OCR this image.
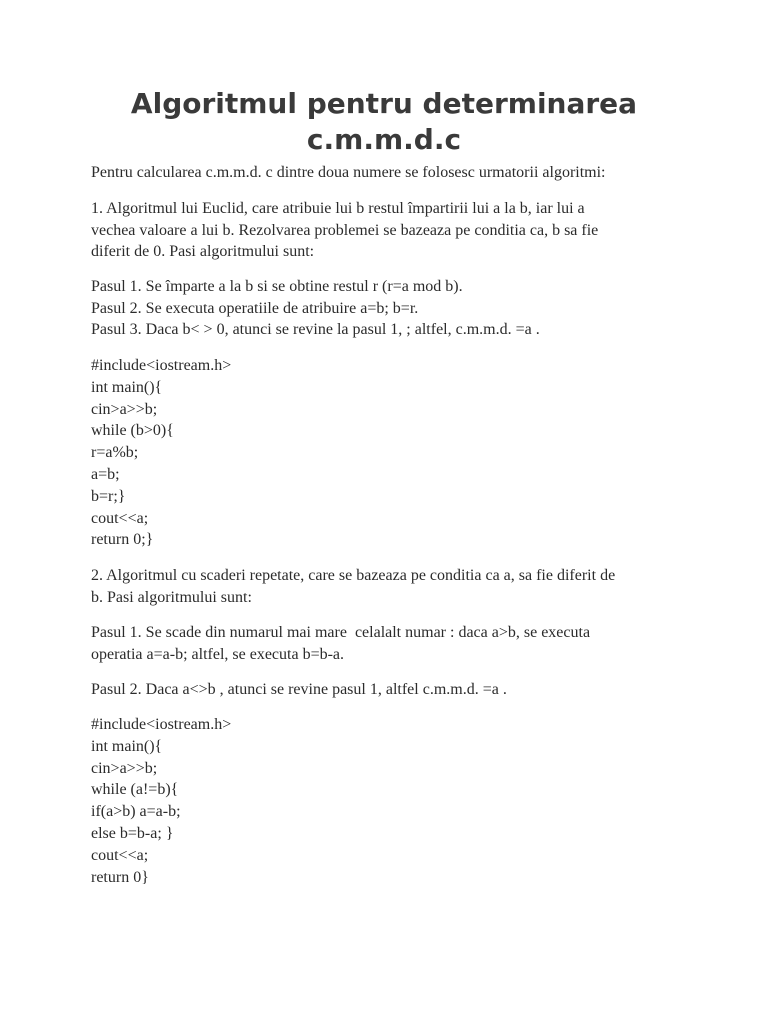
Algoritmul pentru determinarea
c.m.m.d.c

Pentru calcularea c.m.m.d. c dintre doua numere se folosesc urmatorii algoritmi:

1. Algoritmul lui Euclid, care atribuie lui b restul împartirii lui a la b, iar lui a
vechea valoare a lui b. Rezolvarea problemei se bazeaza pe conditia ca, b sa fie
diferit de 0. Pasi algoritmului sunt:

Pasul 1. Se împarte a la b si se obtine restul r (r=a mod b).
Pasul 2. Se executa operatiile de atribuire a=b; b=r.
Pasul 3. Daca b< > 0, atunci se revine la pasul 1, ; altfel, c.m.m.d. =a .

#include<iostream.h>
int main(){
cin>a>>b;
while (b>0){
r=a%b;
a=b;
b=r;}
cout<<a;
return 0;}

2. Algoritmul cu scaderi repetate, care se bazeaza pe conditia ca a, sa fie diferit de
b. Pasi algoritmului sunt:

Pasul 1. Se scade din numarul mai mare  celalalt numar : daca a>b, se executa
operatia a=a-b; altfel, se executa b=b-a.

Pasul 2. Daca a<>b , atunci se revine pasul 1, altfel c.m.m.d. =a .

#include<iostream.h>
int main(){
cin>a>>b;
while (a!=b){
if(a>b) a=a-b;
else b=b-a; }
cout<<a;
return 0}
